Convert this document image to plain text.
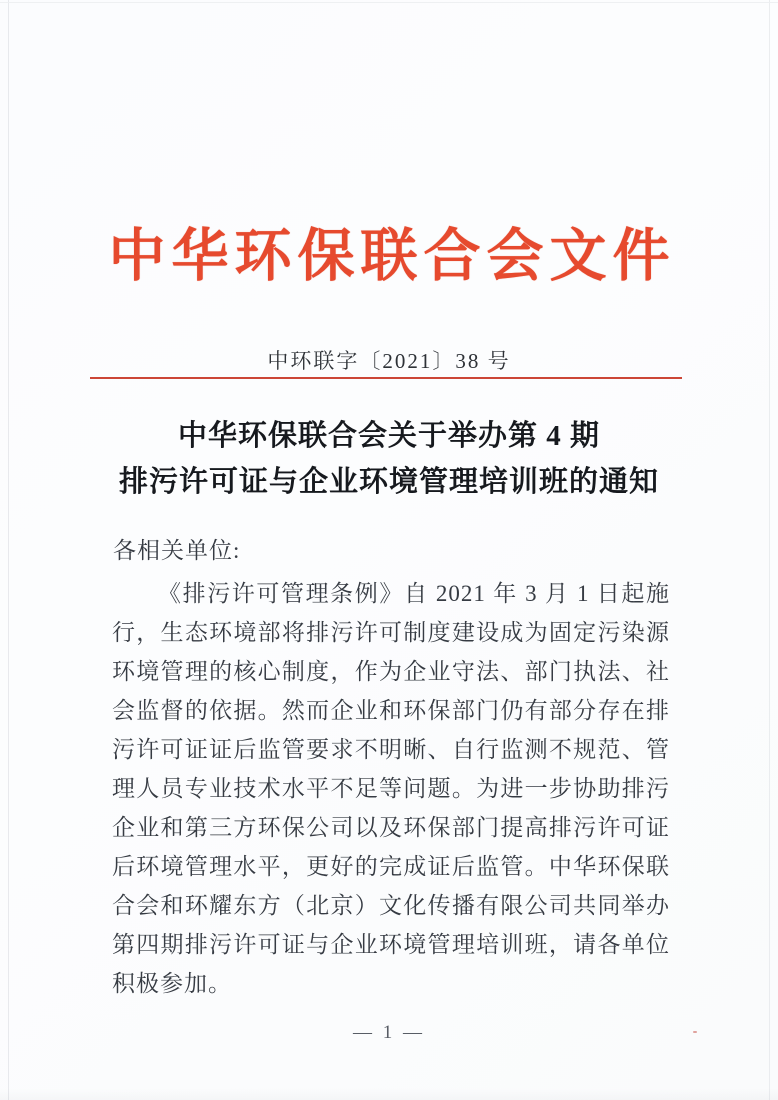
中华环保联合会文件
中环联字〔2021〕38 号
中华环保联合会关于举办第 4 期
排污许可证与企业环境管理培训班的通知
各相关单位:
《排污许可管理条例》自 2021 年 3 月 1 日起施行，生态环境部将排污许可制度建设成为固定污染源环境管理的核心制度，作为企业守法、部门执法、社会监督的依据。然而企业和环保部门仍有部分存在排污许可证证后监管要求不明晰、自行监测不规范、管理人员专业技术水平不足等问题。为进一步协助排污企业和第三方环保公司以及环保部门提高排污许可证后环境管理水平，更好的完成证后监管。中华环保联合会和环耀东方（北京）文化传播有限公司共同举办第四期排污许可证与企业环境管理培训班，请各单位积极参加。
— 1 —
